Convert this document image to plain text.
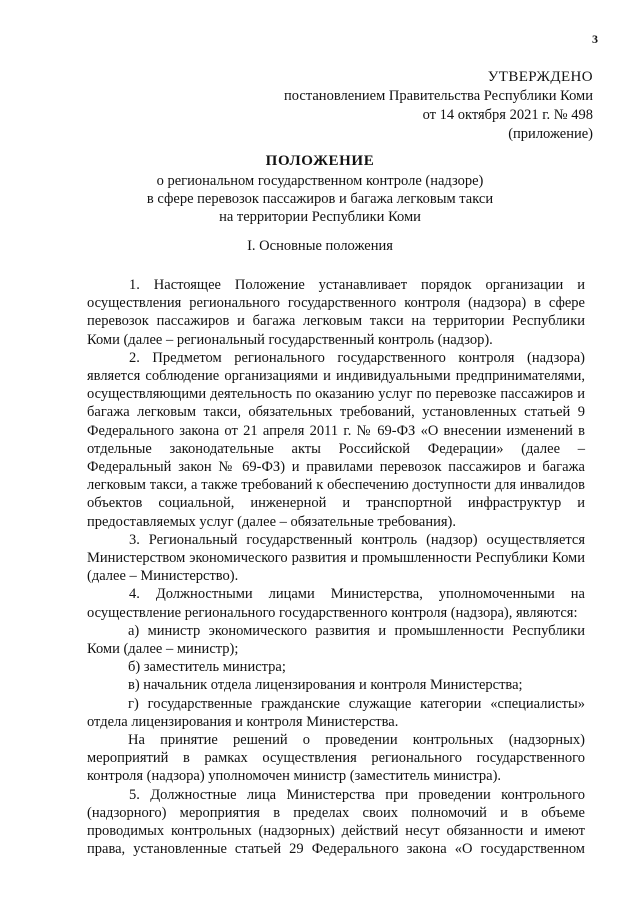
3
УТВЕРЖДЕНО
постановлением Правительства Республики Коми
от 14 октября 2021 г. № 498
(приложение)
ПОЛОЖЕНИЕ
о региональном государственном контроле (надзоре)
в сфере перевозок пассажиров и багажа легковым такси
на территории Республики Коми
I. Основные положения

1. Настоящее Положение устанавливает порядок организации и осуществления регионального государственного контроля (надзора) в сфере перевозок пассажиров и багажа легковым такси на территории Республики Коми (далее – региональный государственный контроль (надзор).

2. Предметом регионального государственного контроля (надзора) является соблюдение организациями и индивидуальными предпринимателями, осуществляющими деятельность по оказанию услуг по перевозке пассажиров и багажа легковым такси, обязательных требований, установленных статьей 9 Федерального закона от 21 апреля 2011 г. № 69-ФЗ «О внесении изменений в отдельные законодательные акты Российской Федерации» (далее – Федеральный закон № 69-ФЗ) и правилами перевозок пассажиров и багажа легковым такси, а также требований к обеспечению доступности для инвалидов объектов социальной, инженерной и транспортной инфраструктур и предоставляемых услуг (далее – обязательные требования).

3. Региональный государственный контроль (надзор) осуществляется Министерством экономического развития и промышленности Республики Коми (далее – Министерство).

4. Должностными лицами Министерства, уполномоченными на осуществление регионального государственного контроля (надзора), являются:

а) министр экономического развития и промышленности Республики Коми (далее – министр);

б) заместитель министра;

в) начальник отдела лицензирования и контроля Министерства;

г) государственные гражданские служащие категории «специалисты» отдела лицензирования и контроля Министерства.

На принятие решений о проведении контрольных (надзорных) мероприятий в рамках осуществления регионального государственного контроля (надзора) уполномочен министр (заместитель министра).

5. Должностные лица Министерства при проведении контрольного (надзорного) мероприятия в пределах своих полномочий и в объеме проводимых контрольных (надзорных) действий несут обязанности и имеют права, установленные статьей 29 Федерального закона «О государственном
